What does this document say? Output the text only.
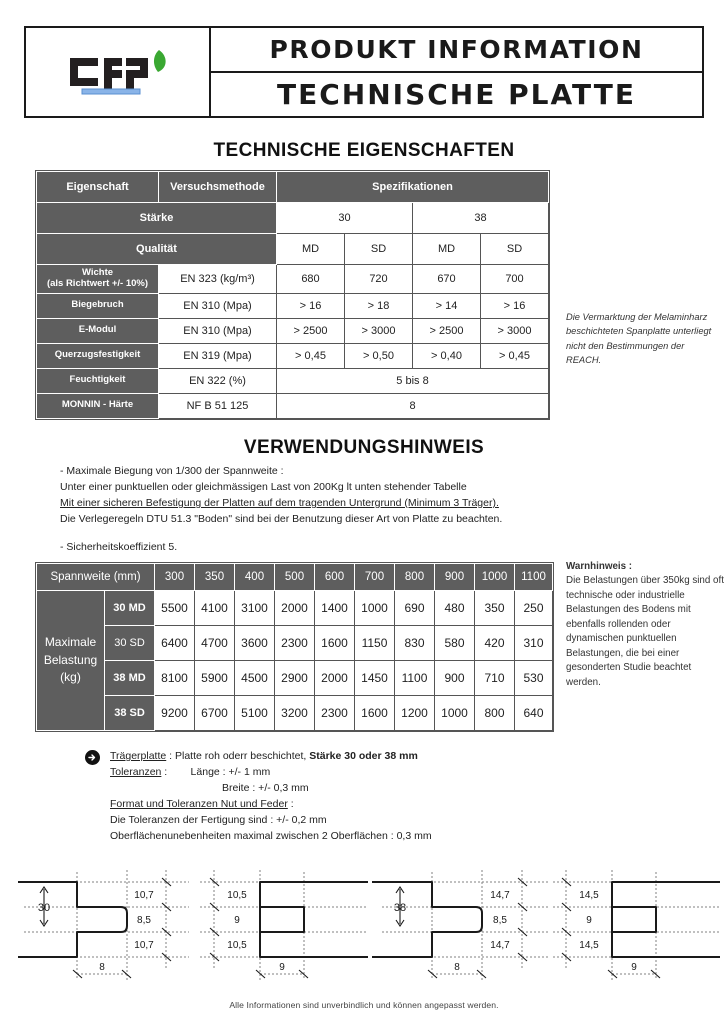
PRODUKT INFORMATION
TECHNISCHE PLATTE
TECHNISCHE EIGENSCHAFTEN
Eigenschaft	Versuchsmethode	Spezifikationen			
Stärke		30		38	
Qualität		MD	SD	MD	SD
Wichte
(als Richtwert +/- 10%)	EN 323 (kg/m³)	680	720	670	700
Biegebruch	EN 310 (Mpa)	> 16	> 18	> 14	> 16
E-Modul	EN 310 (Mpa)	> 2500	> 3000	> 2500	> 3000
Querzugsfestigkeit	EN 319 (Mpa)	> 0,45	> 0,50	> 0,40	> 0,45
Feuchtigkeit	EN 322 (%)	5 bis 8			
MONNIN - Härte	NF B 51 125	8			
Die Vermarktung der Melaminharz beschichteten Spanplatte unterliegt nicht den Bestimmungen der REACH.
VERWENDUNGSHINWEIS
- Maximale Biegung von 1/300 der Spannweite :
Unter einer punktuellen oder gleichmässigen Last von 200Kg lt unten stehender Tabelle
Mit einer sicheren Befestigung der Platten auf dem tragenden Untergrund (Minimum 3 Träger).
Die Verlegeregeln DTU 51.3 "Boden" sind bei der Benutzung dieser Art von Platte zu beachten.
- Sicherheitskoeffizient 5.
Spannweite (mm)		300	350	400	500	600	700	800	900	1000	1100
Maximale
Belastung
(kg)	30 MD	5500	4100	3100	2000	1400	1000	690	480	350	250
	30 SD	6400	4700	3600	2300	1600	1150	830	580	420	310
	38 MD	8100	5900	4500	2900	2000	1450	1100	900	710	530
	38 SD	9200	6700	5100	3200	2300	1600	1200	1000	800	640
Warnhinweis :
Die Belastungen über 350kg sind oft technische oder industrielle Belastungen des Bodens mit ebenfalls rollenden oder dynamischen punktuellen Belastungen, die bei einer gesonderten Studie beachtet werden.
Trägerplatte : Platte roh oderr beschichtet, Stärke 30 oder 38 mm
Toleranzen :        Länge : +/- 1 mm
Breite : +/- 0,3 mm
Format und Toleranzen Nut und Feder :
Die Toleranzen der Fertigung sind : +/- 0,2 mm
Oberflächenunebenheiten maximal zwischen 2 Oberflächen : 0,3 mm
30
10,7
8,5
10,7
8
10,5
9
10,5
9
38
14,7
8,5
14,7
8
14,5
9
14,5
9
Alle Informationen sind unverbindlich und können angepasst werden.
